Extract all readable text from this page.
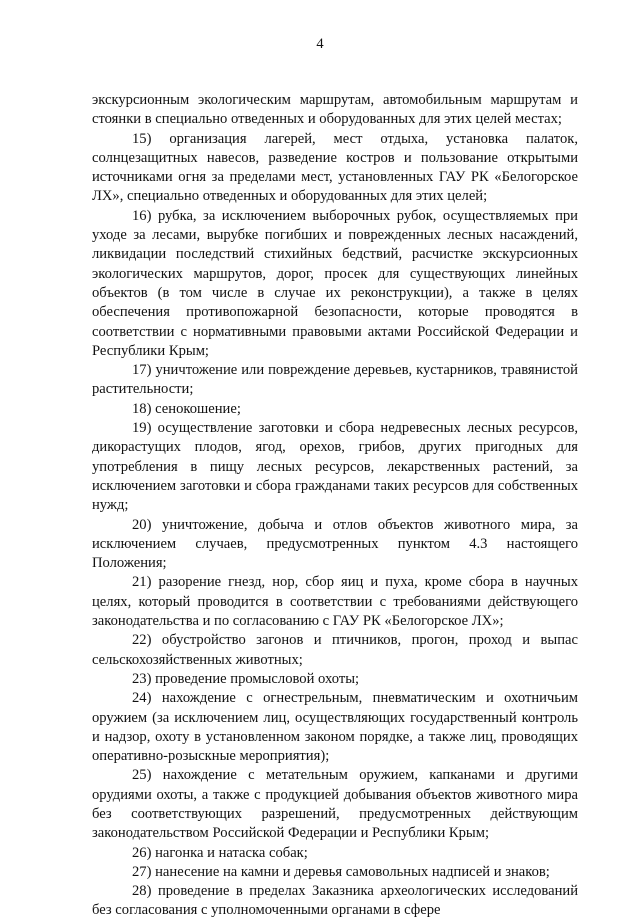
4

экскурсионным экологическим маршрутам, автомобильным маршрутам и стоянки в специально отведенных и оборудованных для этих целей местах;

15) организация лагерей, мест отдыха, установка палаток, солнцезащитных навесов, разведение костров и пользование открытыми источниками огня за пределами мест, установленных ГАУ РК «Белогорское ЛХ», специально отведенных и оборудованных для этих целей;

16) рубка, за исключением выборочных рубок, осуществляемых при уходе за лесами, вырубке погибших и поврежденных лесных насаждений, ликвидации последствий стихийных бедствий, расчистке экскурсионных экологических маршрутов, дорог, просек для существующих линейных объектов (в том числе в случае их реконструкции), а также в целях обеспечения противопожарной безопасности, которые проводятся в соответствии с нормативными правовыми актами Российской Федерации и Республики Крым;

17) уничтожение или повреждение деревьев, кустарников, травянистой растительности;

18) сенокошение;

19) осуществление заготовки и сбора недревесных лесных ресурсов, дикорастущих плодов, ягод, орехов, грибов, других пригодных для употребления в пищу лесных ресурсов, лекарственных растений, за исключением заготовки и сбора гражданами таких ресурсов для собственных нужд;

20) уничтожение, добыча и отлов объектов животного мира, за исключением случаев, предусмотренных пунктом 4.3 настоящего Положения;

21) разорение гнезд, нор, сбор яиц и пуха, кроме сбора в научных целях, который проводится в соответствии с требованиями действующего законодательства и по согласованию с ГАУ РК «Белогорское ЛХ»;

22) обустройство загонов и птичников, прогон, проход и выпас сельскохозяйственных животных;

23) проведение промысловой охоты;

24) нахождение с огнестрельным, пневматическим и охотничьим оружием (за исключением лиц, осуществляющих государственный контроль и надзор, охоту в установленном законом порядке, а также лиц, проводящих оперативно-розыскные мероприятия);

25) нахождение с метательным оружием, капканами и другими орудиями охоты, а также с продукцией добывания объектов животного мира без соответствующих разрешений, предусмотренных действующим законодательством Российской Федерации и Республики Крым;

26) нагонка и натаска собак;

27) нанесение на камни и деревья самовольных надписей и знаков;

28) проведение в пределах Заказника археологических исследований без согласования с уполномоченными органами в сфере
